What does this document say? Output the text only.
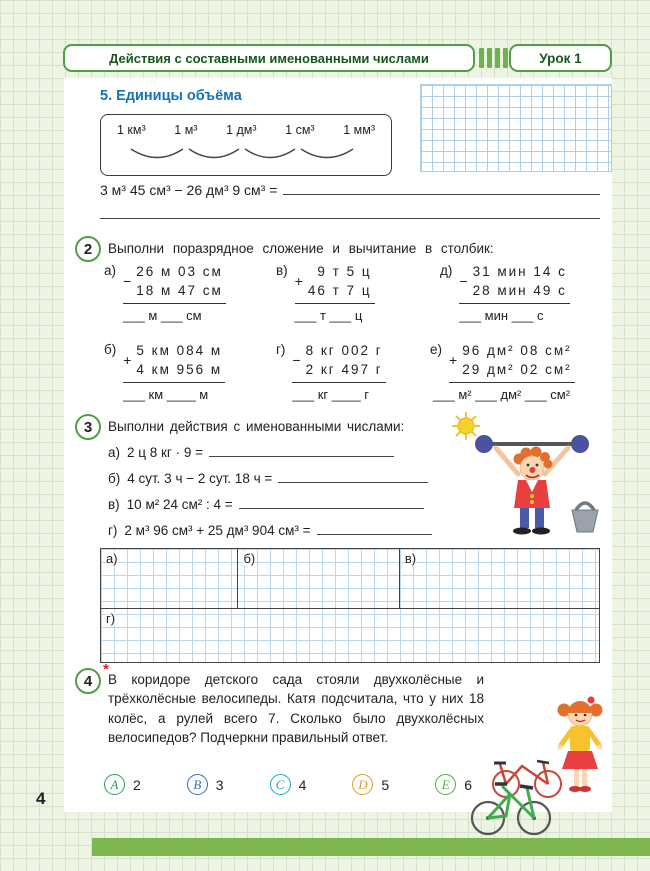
Действия с составными именованными числами	Урок 1
5. Единицы объёма
1 км³ 1 м³ 1 дм³ 1 см³ 1 мм³
3 м³ 45 см³ − 26 дм³ 9 см³ =
2 Выполни поразрядное сложение и вычитание в столбик:
а)
−
26 м 03 см
18 м 47 см
___ м ___ см
в)
+
9 т 5 ц
46 т 7 ц
___ т ___ ц
д)
−
31 мин 14 с
28 мин 49 с
___ мин ___ с
б)
+
5 км 084 м
4 км 956 м
___ км ____ м
г)
−
8 кг 002 г
2 кг 497 г
___ кг ____ г
е)
+
96 дм² 08 см²
29 дм² 02 см²
___ м² ___ дм² ___ см²
3 Выполни действия с именованными числами:
а) 2 ц 8 кг · 9 =
б) 4 сут. 3 ч − 2 сут. 18 ч =
в) 10 м² 24 см² : 4 =
г) 2 м³ 96 см³ + 25 дм³ 904 см³ =
а)	б)	в)
г)
4
*
В коридоре детского сада стояли двухколёсные и трёхколёсные велосипеды. Катя подсчитала, что у них 18 колёс, а рулей всего 7. Сколько было двухколёсных велосипедов? Подчеркни правильный ответ.
A	2	B	3	C	4	D 5	E	6
4
